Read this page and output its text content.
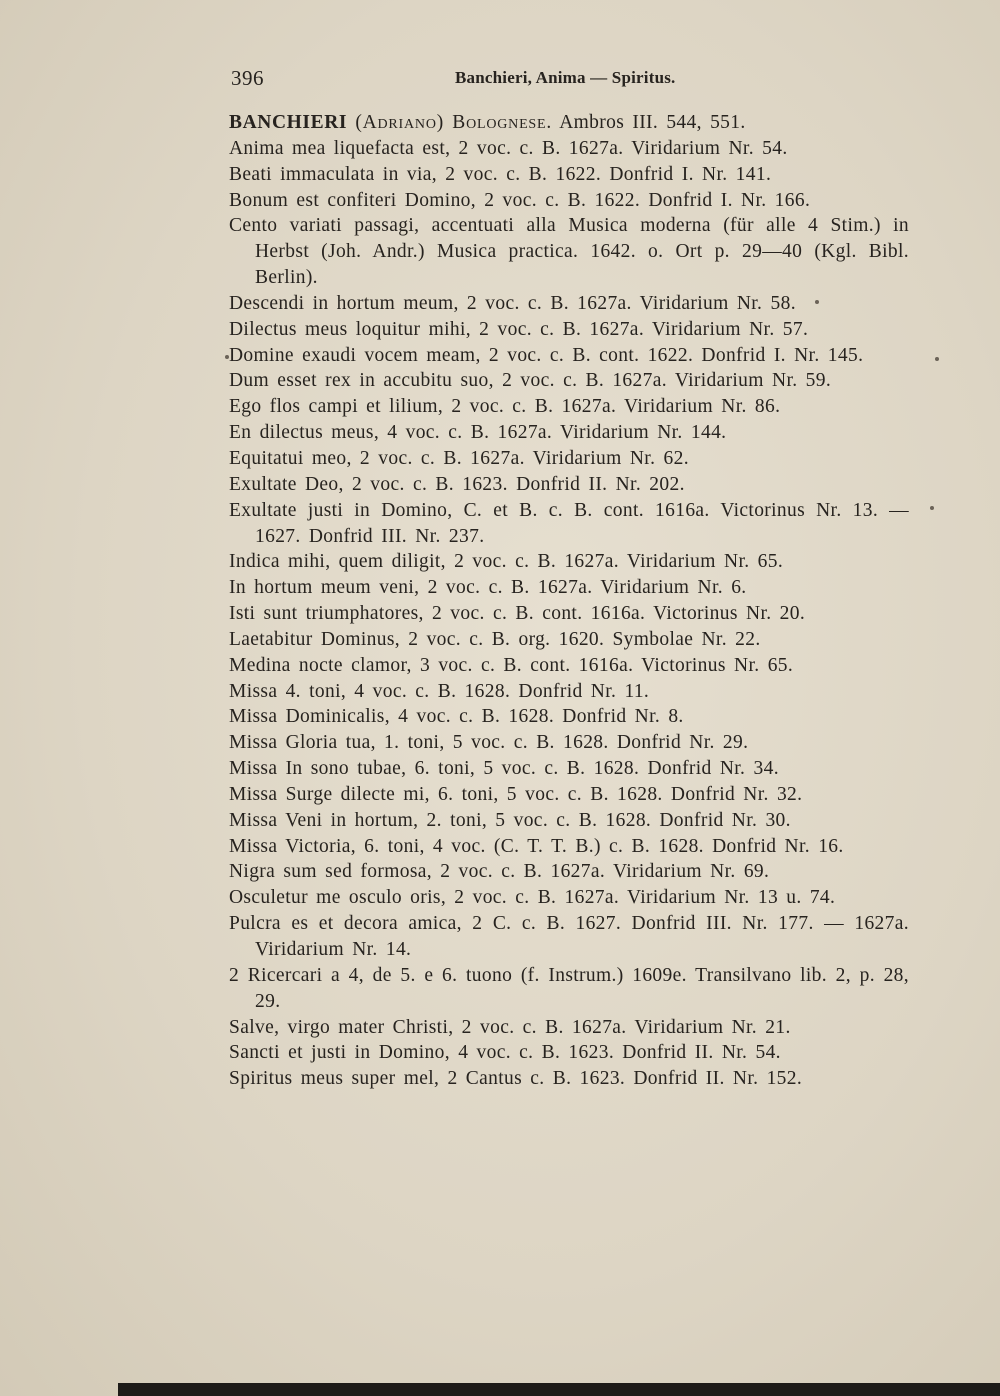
396	Banchieri, Anima — Spiritus.
BANCHIERI (Adriano) Bolognese. Ambros III. 544, 551.
Anima mea liquefacta est, 2 voc. c. B. 1627a. Viridarium Nr. 54.
Beati immaculata in via, 2 voc. c. B. 1622. Donfrid I. Nr. 141.
Bonum est confiteri Domino, 2 voc. c. B. 1622. Donfrid I. Nr. 166.
Cento variati passagi, accentuati alla Musica moderna (für alle 4 Stim.) in Herbst (Joh. Andr.) Musica practica. 1642. o. Ort p. 29—40 (Kgl. Bibl. Berlin).
Descendi in hortum meum, 2 voc. c. B. 1627a. Viridarium Nr. 58.
Dilectus meus loquitur mihi, 2 voc. c. B. 1627a. Viridarium Nr. 57.
Domine exaudi vocem meam, 2 voc. c. B. cont. 1622. Donfrid I. Nr. 145.
Dum esset rex in accubitu suo, 2 voc. c. B. 1627a. Viridarium Nr. 59.
Ego flos campi et lilium, 2 voc. c. B. 1627a. Viridarium Nr. 86.
En dilectus meus, 4 voc. c. B. 1627a. Viridarium Nr. 144.
Equitatui meo, 2 voc. c. B. 1627a. Viridarium Nr. 62.
Exultate Deo, 2 voc. c. B. 1623. Donfrid II. Nr. 202.
Exultate justi in Domino, C. et B. c. B. cont. 1616a. Victorinus Nr. 13. — 1627. Donfrid III. Nr. 237.
Indica mihi, quem diligit, 2 voc. c. B. 1627a. Viridarium Nr. 65.
In hortum meum veni, 2 voc. c. B. 1627a. Viridarium Nr. 6.
Isti sunt triumphatores, 2 voc. c. B. cont. 1616a. Victorinus Nr. 20.
Laetabitur Dominus, 2 voc. c. B. org. 1620. Symbolae Nr. 22.
Medina nocte clamor, 3 voc. c. B. cont. 1616a. Victorinus Nr. 65.
Missa 4. toni, 4 voc. c. B. 1628. Donfrid Nr. 11.
Missa Dominicalis, 4 voc. c. B. 1628. Donfrid Nr. 8.
Missa Gloria tua, 1. toni, 5 voc. c. B. 1628. Donfrid Nr. 29.
Missa In sono tubae, 6. toni, 5 voc. c. B. 1628. Donfrid Nr. 34.
Missa Surge dilecte mi, 6. toni, 5 voc. c. B. 1628. Donfrid Nr. 32.
Missa Veni in hortum, 2. toni, 5 voc. c. B. 1628. Donfrid Nr. 30.
Missa Victoria, 6. toni, 4 voc. (C. T. T. B.) c. B. 1628. Donfrid Nr. 16.
Nigra sum sed formosa, 2 voc. c. B. 1627a. Viridarium Nr. 69.
Osculetur me osculo oris, 2 voc. c. B. 1627a. Viridarium Nr. 13 u. 74.
Pulcra es et decora amica, 2 C. c. B. 1627. Donfrid III. Nr. 177. — 1627a. Viridarium Nr. 14.
2 Ricercari a 4, de 5. e 6. tuono (f. Instrum.) 1609e. Transilvano lib. 2, p. 28, 29.
Salve, virgo mater Christi, 2 voc. c. B. 1627a. Viridarium Nr. 21.
Sancti et justi in Domino, 4 voc. c. B. 1623. Donfrid II. Nr. 54.
Spiritus meus super mel, 2 Cantus c. B. 1623. Donfrid II. Nr. 152.
